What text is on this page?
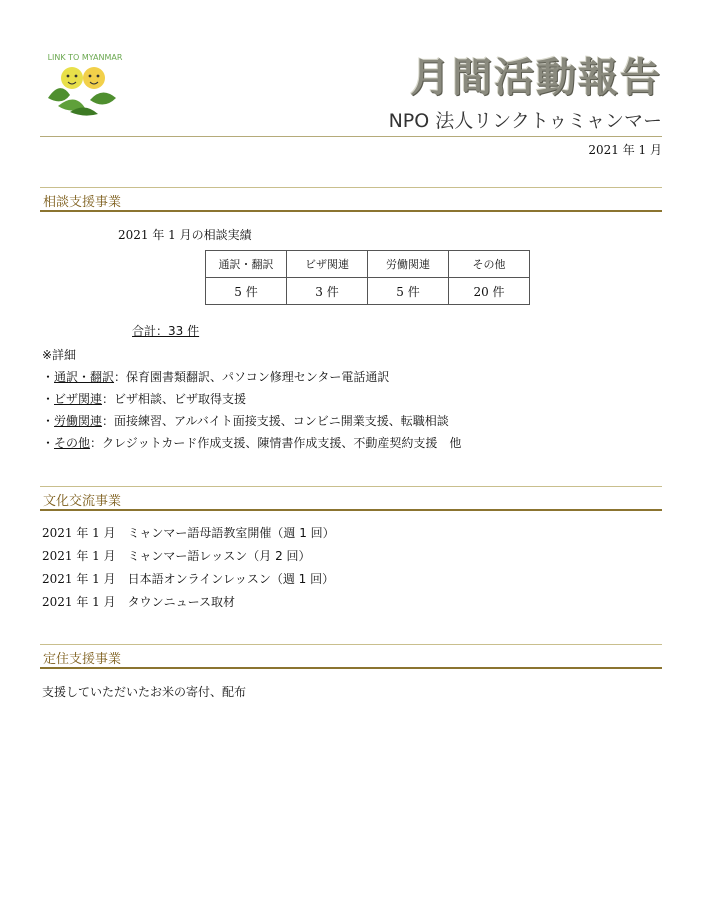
LINK TO MYANMAR	月間活動報告
NPO 法人リンクトゥミャンマー
2021 年 1 月
相談支援事業
2021 年 1 月の相談実績
通訳・翻訳	ビザ関連	労働関連	その他
5 件	3 件	5 件	20 件
合計：33 件
※詳細
・通訳・翻訳：保育園書類翻訳、パソコン修理センター電話通訳
・ビザ関連：ビザ相談、ビザ取得支援
・労働関連：面接練習、アルバイト面接支援、コンビニ開業支援、転職相談
・その他：クレジットカード作成支援、陳情書作成支援、不動産契約支援　他
文化交流事業
2021 年 1 月　 ミャンマー語母語教室開催（週 1 回）
2021 年 1 月　 ミャンマー語レッスン（月 2 回）
2021 年 1 月　 日本語オンラインレッスン（週 1 回）
2021 年 1 月　 タウンニュース取材
定住支援事業
支援していただいたお米の寄付、配布
